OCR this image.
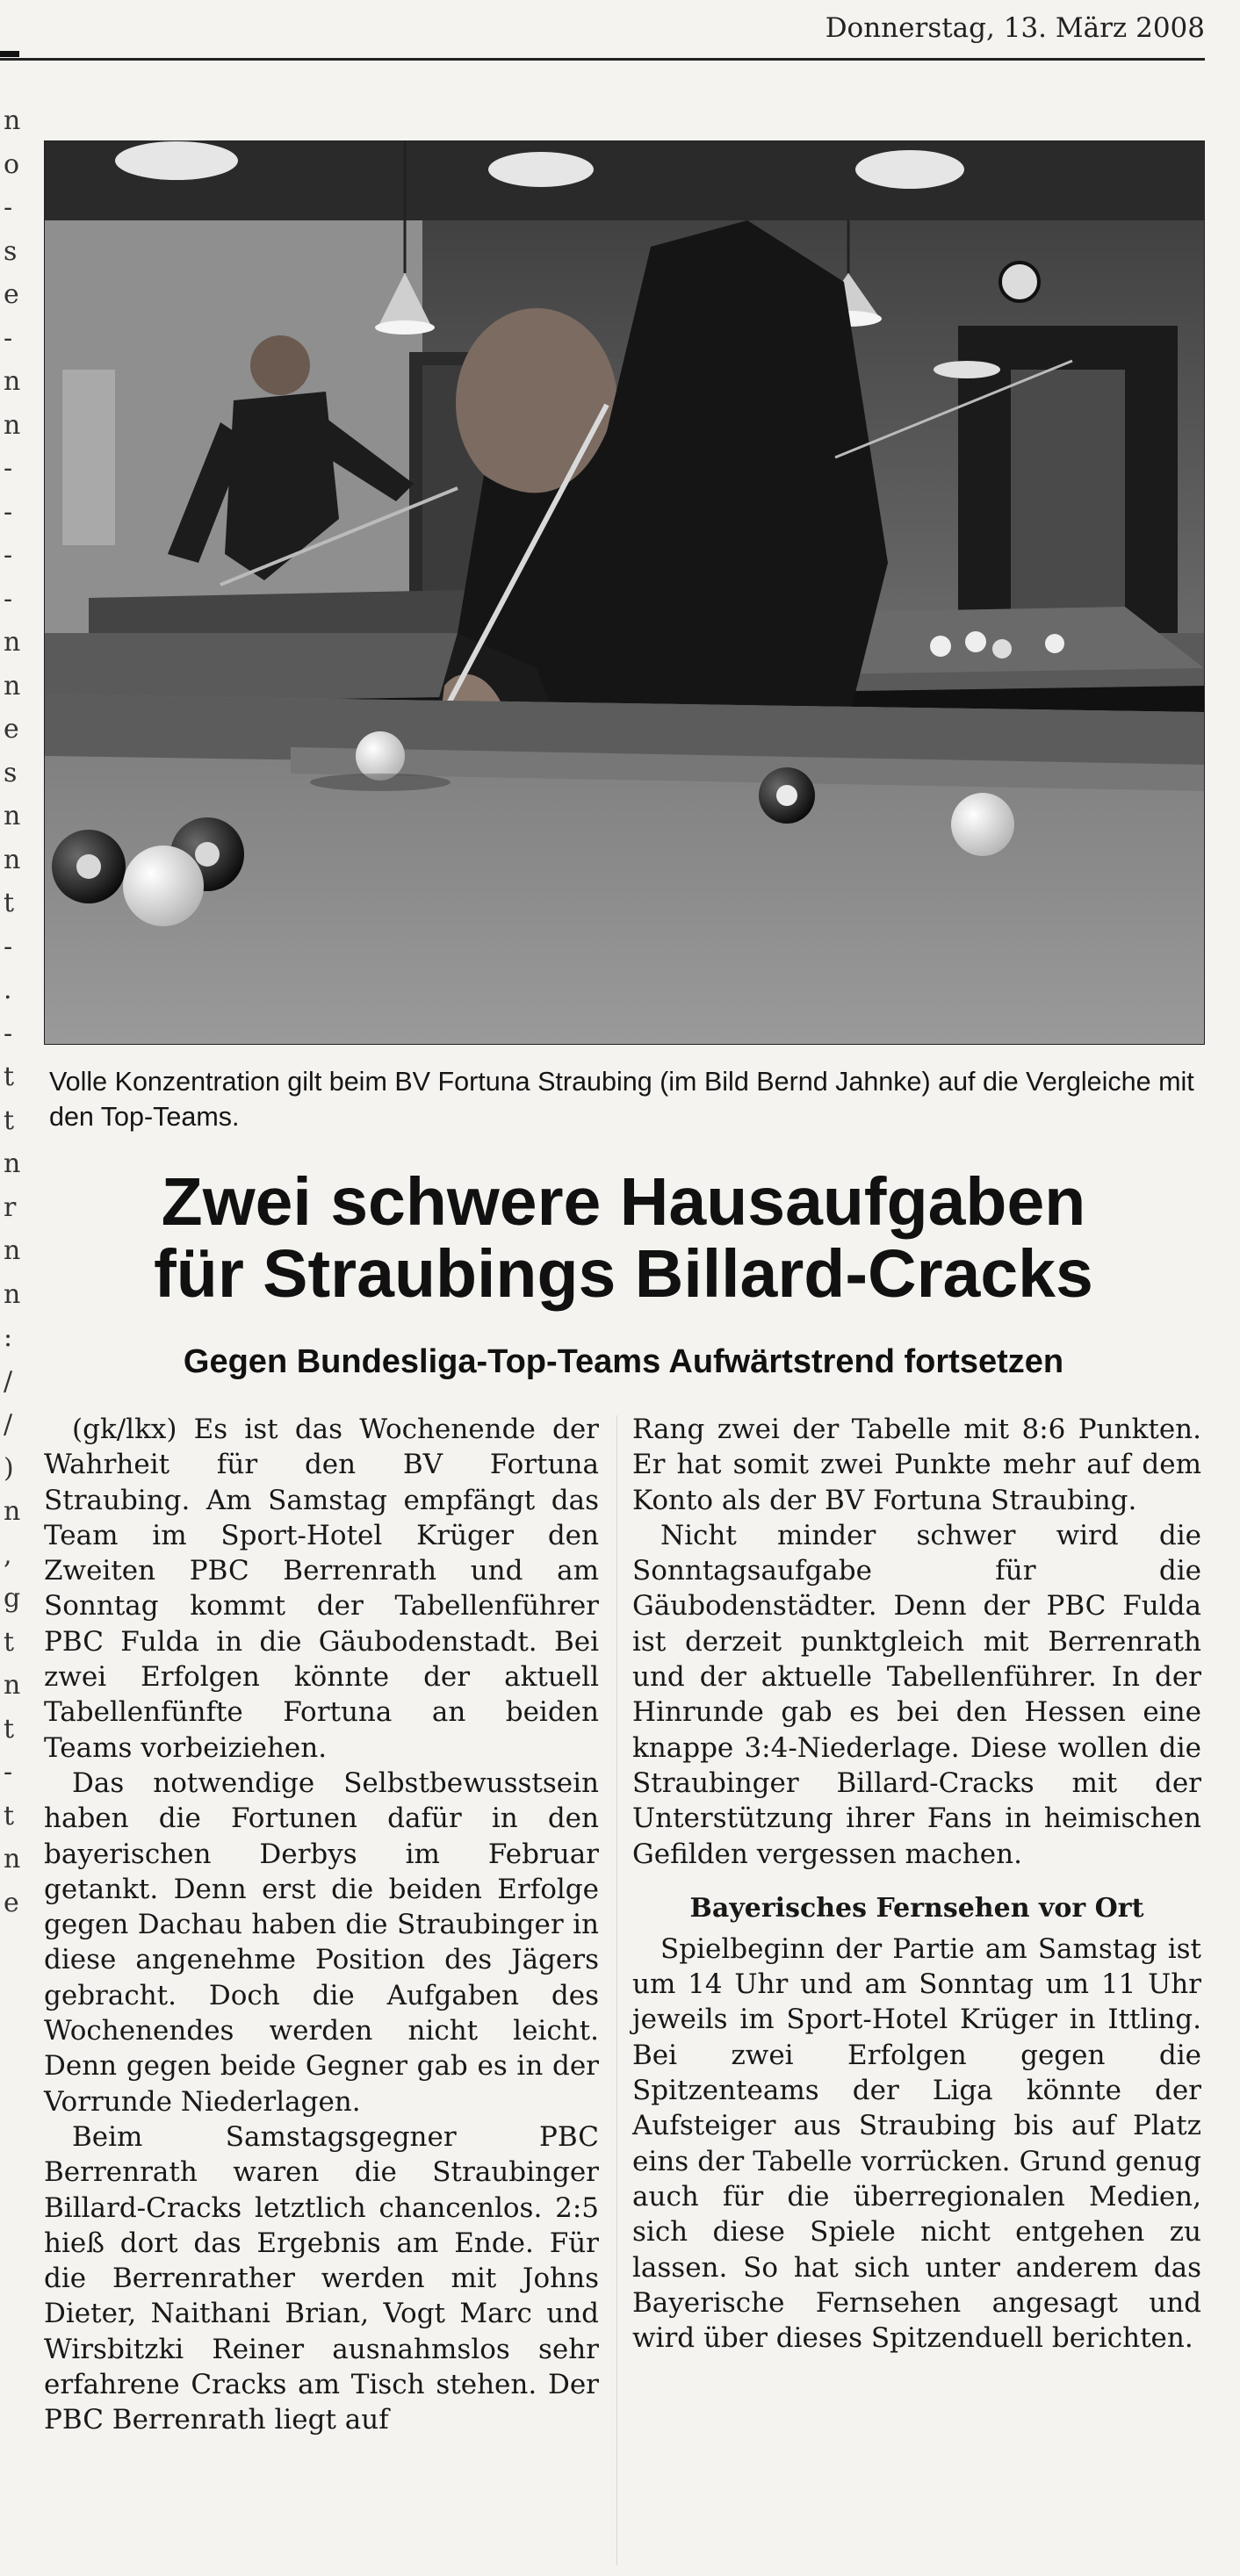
Donnerstag, 13. März 2008
n
o
-
s
e
-
n
n
-
-
-
-
n
n
e
s
n
n
t
-
.
-
t
t
n
r
n
n
:
/
/
)
n
,
g
t
n
t
-
t
n
e
Volle Konzentration gilt beim BV Fortuna Straubing (im Bild Bernd Jahnke) auf die Vergleiche mit den Top-Teams.
Zwei schwere Hausaufgaben
für Straubings Billard-Cracks
Gegen Bundesliga-Top-Teams Aufwärtstrend fortsetzen

(gk/lkx) Es ist das Wochenende der Wahrheit für den BV Fortuna Straubing. Am Samstag empfängt das Team im Sport-Hotel Krüger den Zweiten PBC Berrenrath und am Sonntag kommt der Tabellenführer PBC Fulda in die Gäubodenstadt. Bei zwei Erfolgen könnte der aktuell Tabellenfünfte Fortuna an beiden Teams vorbeiziehen.

Das notwendige Selbstbewusstsein haben die Fortunen dafür in den bayerischen Derbys im Februar getankt. Denn erst die beiden Erfolge gegen Dachau haben die Straubinger in diese angenehme Position des Jägers gebracht. Doch die Aufgaben des Wochenendes werden nicht leicht. Denn gegen beide Gegner gab es in der Vorrunde Niederlagen.

Beim Samstagsgegner PBC Berrenrath waren die Straubinger Billard-Cracks letztlich chancenlos. 2:5 hieß dort das Ergebnis am Ende. Für die Berrenrather werden mit Johns Dieter, Naithani Brian, Vogt Marc und Wirsbitzki Reiner ausnahmslos sehr erfahrene Cracks am Tisch stehen. Der PBC Berrenrath liegt auf

Rang zwei der Tabelle mit 8:6 Punkten. Er hat somit zwei Punkte mehr auf dem Konto als der BV Fortuna Straubing.

Nicht minder schwer wird die Sonntagsaufgabe für die Gäubodenstädter. Denn der PBC Fulda ist derzeit punktgleich mit Berrenrath und der aktuelle Tabellenführer. In der Hinrunde gab es bei den Hessen eine knappe 3:4-Niederlage. Diese wollen die Straubinger Billard-Cracks mit der Unterstützung ihrer Fans in heimischen Gefilden vergessen machen.

Bayerisches Fernsehen vor Ort

Spielbeginn der Partie am Samstag ist um 14 Uhr und am Sonntag um 11 Uhr jeweils im Sport-Hotel Krüger in Ittling. Bei zwei Erfolgen gegen die Spitzenteams der Liga könnte der Aufsteiger aus Straubing bis auf Platz eins der Tabelle vorrücken. Grund genug auch für die überregionalen Medien, sich diese Spiele nicht entgehen zu lassen. So hat sich unter anderem das Bayerische Fernsehen angesagt und wird über dieses Spitzenduell berichten.
